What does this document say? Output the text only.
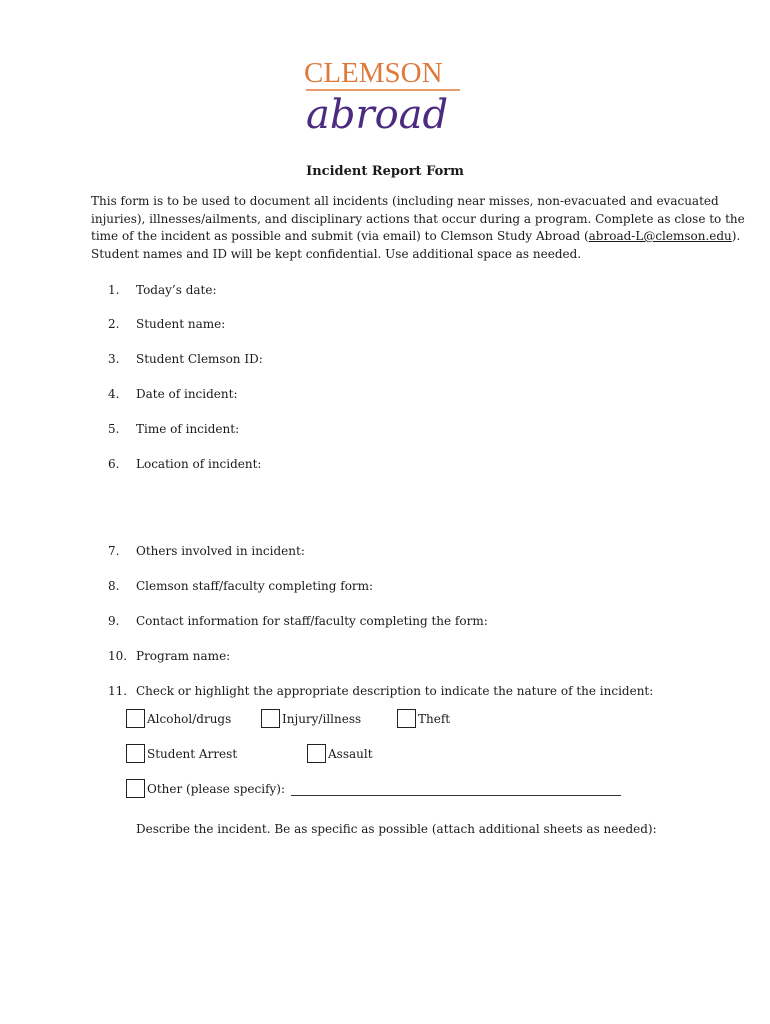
CLEMSON
abroad
Incident Report Form
This form is to be used to document all incidents (including near misses, non-evacuated and evacuated
injuries), illnesses/ailments, and disciplinary actions that occur during a program. Complete as close to the
time of the incident as possible and submit (via email) to Clemson Study Abroad (abroad-L@clemson.edu).
Student names and ID will be kept confidential. Use additional space as needed.
1.	Today’s date:
2.	Student name:
3.	Student Clemson ID:
4.	Date of incident:
5.	Time of incident:
6.	Location of incident:
7.	Others involved in incident:
8.	Clemson staff/faculty completing form:
9.	Contact information for staff/faculty completing the form:
10. Program name:
11. Check or highlight the appropriate description to indicate the nature of the incident:
Alcohol/drugs	Injury/illness	Theft
Student Arrest	Assault
Other (please specify):
Describe the incident. Be as specific as possible (attach additional sheets as needed):
